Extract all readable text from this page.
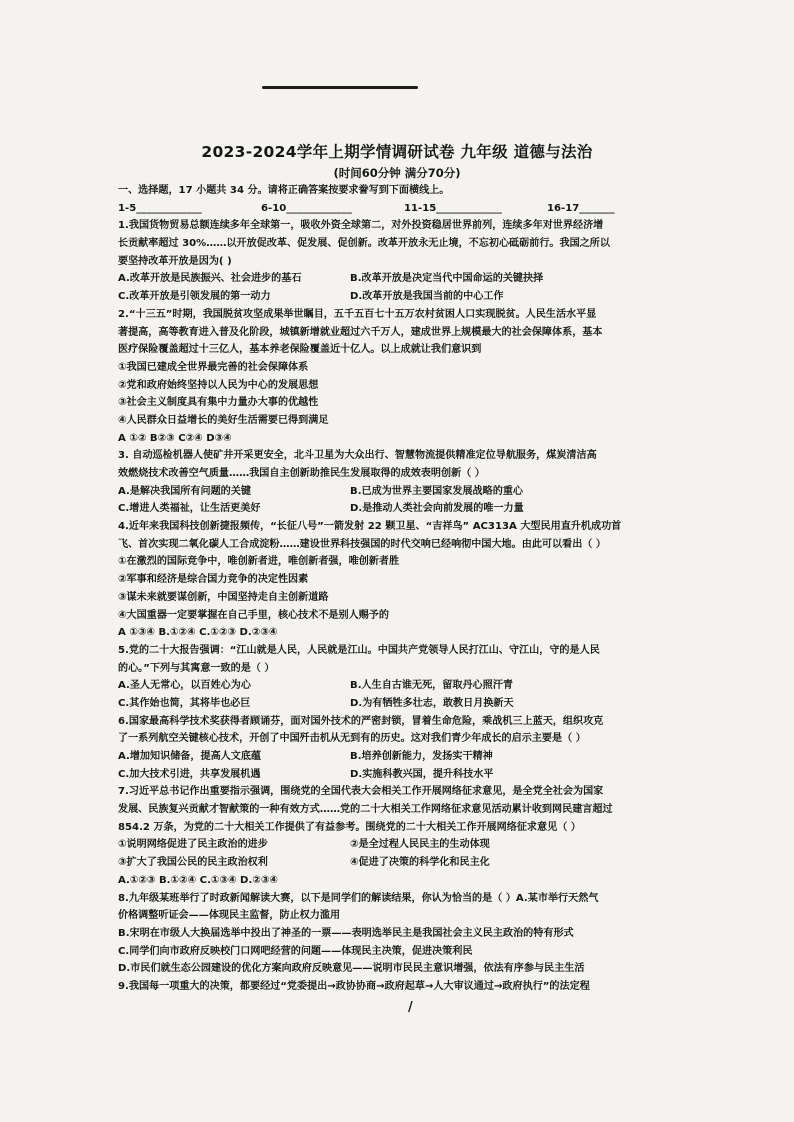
2023-2024学年上期学情调研试卷 九年级 道德与法治
(时间60分钟 满分70分)
一、选择题，17 小题共 34 分。请将正确答案按要求誊写到下面横线上。
1-5_____________	6-10_____________	11-15_____________	16-17_______
1.我国货物贸易总额连续多年全球第一，吸收外资全球第二，对外投资稳居世界前列，连续多年对世界经济增
长贡献率超过 30%……以开放促改革、促发展、促创新。改革开放永无止境，不忘初心砥砺前行。我国之所以
要坚持改革开放是因为( )
A.改革开放是民族振兴、社会进步的基石	B.改革开放是决定当代中国命运的关键抉择
C.改革开放是引领发展的第一动力	D.改革开放是我国当前的中心工作
2.“十三五”时期，我国脱贫攻坚成果举世瞩目，五千五百七十五万农村贫困人口实现脱贫。人民生活水平显
著提高，高等教育进入普及化阶段，城镇新增就业超过六千万人，建成世界上规模最大的社会保障体系，基本
医疗保险覆盖超过十三亿人，基本养老保险覆盖近十亿人。以上成就让我们意识到
①我国已建成全世界最完善的社会保障体系
②党和政府始终坚持以人民为中心的发展思想
③社会主义制度具有集中力量办大事的优越性
④人民群众日益增长的美好生活需要已得到满足
A ①② B②③ C②④ D③④
3. 自动巡检机器人使矿井开采更安全，北斗卫星为大众出行、智慧物流提供精准定位导航服务，煤炭清洁高
效燃烧技术改善空气质量……我国自主创新助推民生发展取得的成效表明创新（ ）
A.是解决我国所有问题的关键	B.已成为世界主要国家发展战略的重心
C.增进人类福祉，让生活更美好	D.是推动人类社会向前发展的唯一力量
4.近年来我国科技创新捷报频传，“长征八号”一箭发射 22 颗卫星、“吉祥鸟” AC313A 大型民用直升机成功首
飞、首次实现二氧化碳人工合成淀粉……建设世界科技强国的时代交响已经响彻中国大地。由此可以看出（ ）
①在激烈的国际竞争中，唯创新者进，唯创新者强，唯创新者胜
②军事和经济是综合国力竞争的决定性因素
③谋未来就要谋创新，中国坚持走自主创新道路
④大国重器一定要掌握在自己手里，核心技术不是别人赐予的
A ①③④ B.①②④ C.①②③ D.②③④
5.党的二十大报告强调：“江山就是人民，人民就是江山。中国共产党领导人民打江山、守江山，守的是人民
的心。”下列与其寓意一致的是（ ）
A.圣人无常心，以百姓心为心	B.人生自古谁无死，留取丹心照汗青
C.其作始也简，其将毕也必巨	D.为有牺牲多壮志，敢教日月换新天
6.国家最高科学技术奖获得者顾诵芬，面对国外技术的严密封锁，冒着生命危险，乘战机三上蓝天，组织攻克
了一系列航空关键核心技术，开创了中国歼击机从无到有的历史。这对我们青少年成长的启示主要是（ ）
A.增加知识储备，提高人文底蕴	B.培养创新能力，发扬实干精神
C.加大技术引进，共享发展机遇	D.实施科教兴国，提升科技水平
7.习近平总书记作出重要指示强调，围绕党的全国代表大会相关工作开展网络征求意见，是全党全社会为国家
发展、民族复兴贡献才智献策的一种有效方式……党的二十大相关工作网络征求意见活动累计收到网民建言超过
854.2 万条，为党的二十大相关工作提供了有益参考。围绕党的二十大相关工作开展网络征求意见（ ）
①说明网络促进了民主政治的进步	②是全过程人民民主的生动体现
③扩大了我国公民的民主政治权利	④促进了决策的科学化和民主化
A.①②③ B.①②④ C.①③④ D.②③④
8.九年级某班举行了时政新闻解读大赛，以下是同学们的解读结果，你认为恰当的是（ ）A.某市举行天然气
价格调整听证会——体现民主监督，防止权力滥用
B.宋明在市级人大换届选举中投出了神圣的一票——表明选举民主是我国社会主义民主政治的特有形式
C.同学们向市政府反映校门口网吧经营的问题——体现民主决策，促进决策利民
D.市民们就生态公园建设的优化方案向政府反映意见——说明市民民主意识增强，依法有序参与民主生活
9.我国每一项重大的决策，都要经过“党委提出→政协协商→政府起草→人大审议通过→政府执行”的法定程
/
